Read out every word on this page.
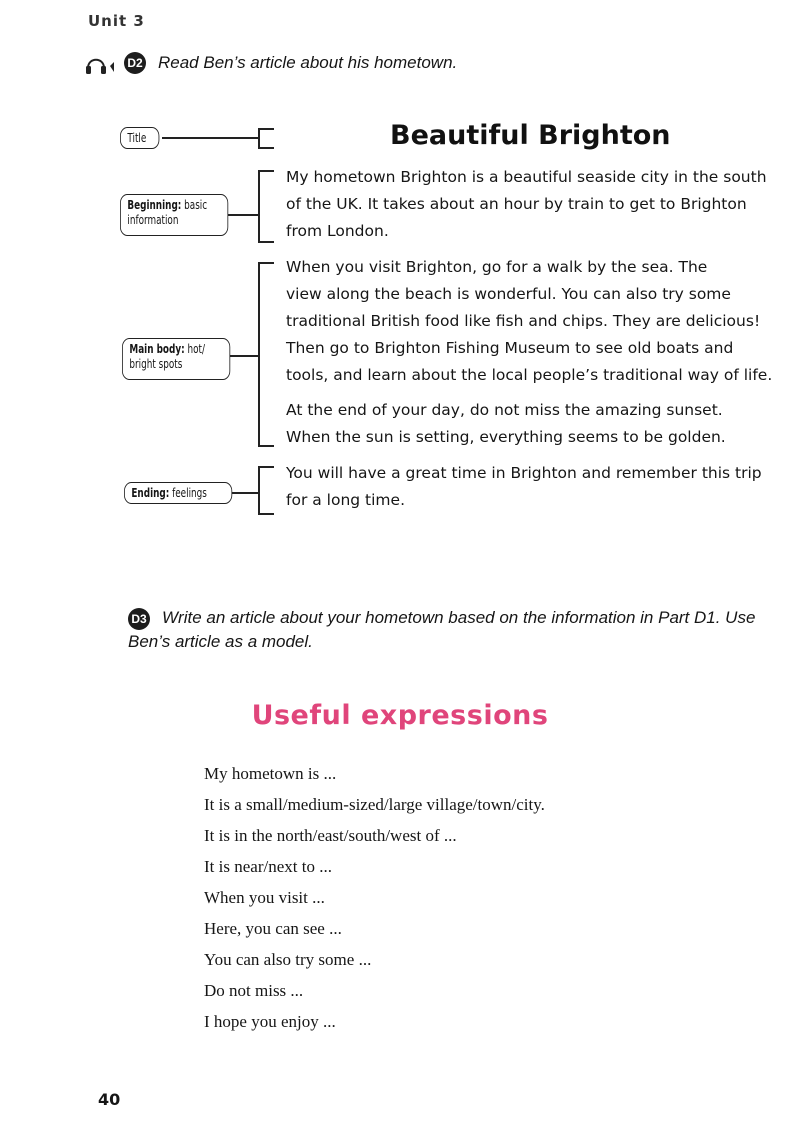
Unit 3
D2 Read Ben’s article about his hometown.
Title
Beginning: basic
information
Main body: hot/
bright spots
Ending: feelings
Beautiful Brighton
My hometown Brighton is a beautiful seaside city in the south
of the UK. It takes about an hour by train to get to Brighton
from London.
When you visit Brighton, go for a walk by the sea. The
view along the beach is wonderful. You can also try some
traditional British food like fish and chips. They are delicious!
Then go to Brighton Fishing Museum to see old boats and
tools, and learn about the local people’s traditional way of life.
At the end of your day, do not miss the amazing sunset.
When the sun is setting, everything seems to be golden.
You will have a great time in Brighton and remember this trip
for a long time.
D3 Write an article about your hometown based on the information in Part D1. Use
Ben’s article as a model.
Useful expressions
My hometown is ...
It is a small/medium-sized/large village/town/city.
It is in the north/east/south/west of ...
It is near/next to ...
When you visit ...
Here, you can see ...
You can also try some ...
Do not miss ...
I hope you enjoy ...
40
